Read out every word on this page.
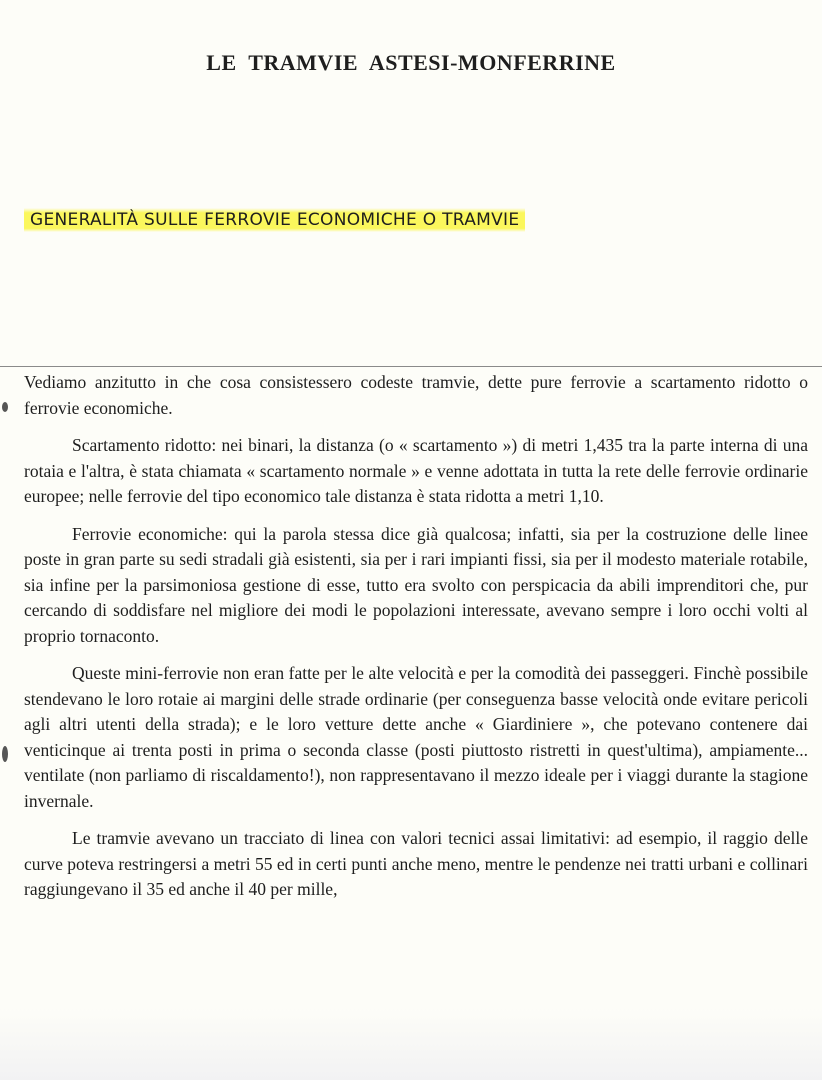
LE TRAMVIE ASTESI-MONFERRINE
GENERALITÀ SULLE FERROVIE ECONOMICHE O TRAMVIE

Vediamo anzitutto in che cosa consistessero codeste tramvie, dette pure ferrovie a scartamento ridotto o ferrovie economiche.

Scartamento ridotto: nei binari, la distanza (o « scartamento ») di metri 1,435 tra la parte interna di una rotaia e l'altra, è stata chiamata « scartamento normale » e venne adottata in tutta la rete delle ferrovie ordinarie europee; nelle ferrovie del tipo economico tale distanza è stata ridotta a metri 1,10.

Ferrovie economiche: qui la parola stessa dice già qualcosa; infatti, sia per la costruzione delle linee poste in gran parte su sedi stradali già esistenti, sia per i rari impianti fissi, sia per il modesto materiale rotabile, sia infine per la parsimoniosa gestione di esse, tutto era svolto con perspicacia da abili imprenditori che, pur cercando di soddisfare nel migliore dei modi le popolazioni interessate, avevano sempre i loro occhi volti al proprio tornaconto.

Queste mini-ferrovie non eran fatte per le alte velocità e per la comodità dei passeggeri. Finchè possibile stendevano le loro rotaie ai margini delle strade ordinarie (per conseguenza basse velocità onde evitare pericoli agli altri utenti della strada); e le loro vetture dette anche « Giardiniere », che potevano contenere dai venticinque ai trenta posti in prima o seconda classe (posti piuttosto ristretti in quest'ultima), ampiamente... ventilate (non parliamo di riscaldamento!), non rappresentavano il mezzo ideale per i viaggi durante la stagione invernale.

Le tramvie avevano un tracciato di linea con valori tecnici assai limitativi: ad esempio, il raggio delle curve poteva restringersi a metri 55 ed in certi punti anche meno, mentre le pendenze nei tratti urbani e collinari raggiungevano il 35 ed anche il 40 per mille,
